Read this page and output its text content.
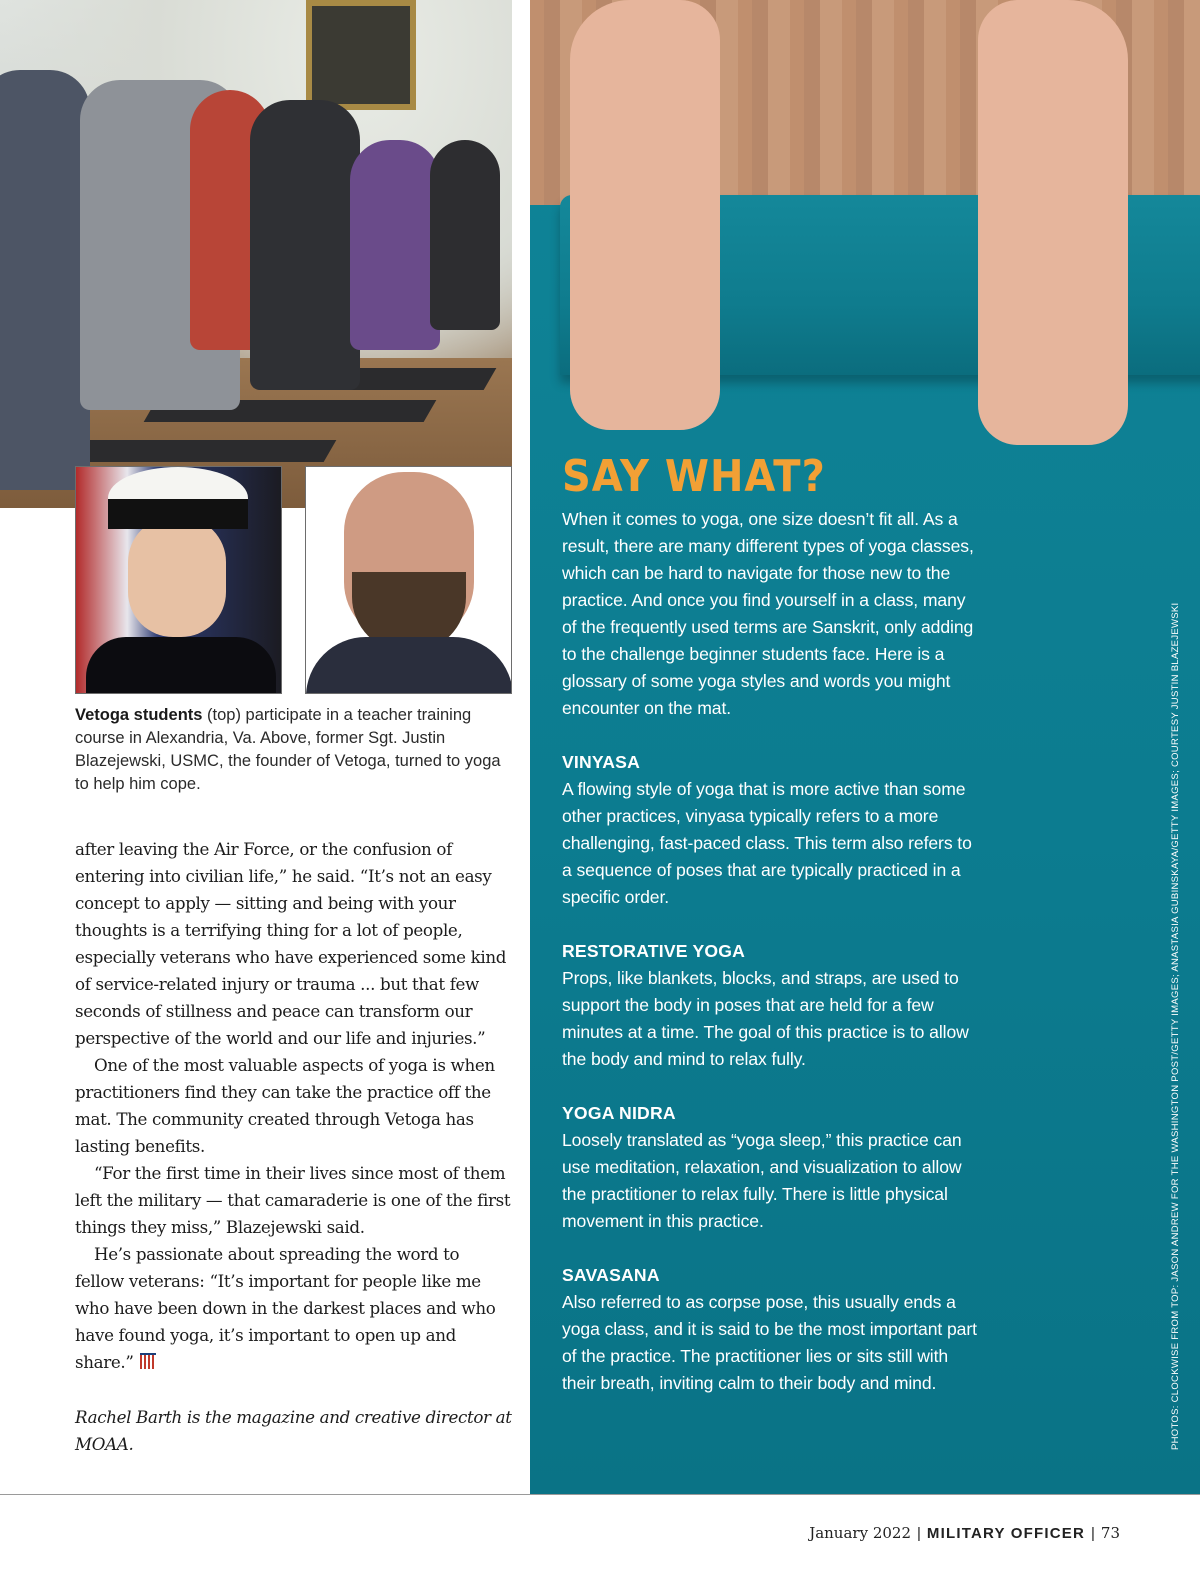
Vetoga students (top) participate in a teacher training course in Alexandria, Va. Above, former Sgt. Justin Blazejewski, USMC, the founder of Vetoga, turned to yoga to help him cope.

after leaving the Air Force, or the confusion of entering into civilian life,” he said. “It’s not an easy concept to apply — sitting and being with your thoughts is a terrifying thing for a lot of people, especially veterans who have experienced some kind of service-related injury or trauma ... but that few seconds of stillness and peace can transform our perspective of the world and our life and injuries.”

One of the most valuable aspects of yoga is when practitioners find they can take the practice off the mat. The community created through Vetoga has lasting benefits.

“For the first time in their lives since most of them left the military — that camaraderie is one of the first things they miss,” Blazejewski said.

He’s passionate about spreading the word to fellow veterans: “It’s important for people like me who have been down in the darkest places and who have found yoga, it’s important to open up and share.”

Rachel Barth is the magazine and creative director at MOAA.
SAY WHAT?

When it comes to yoga, one size doesn’t fit all. As a result, there are many different types of yoga classes, which can be hard to navigate for those new to the practice. And once you find yourself in a class, many of the frequently used terms are Sanskrit, only adding to the challenge beginner students face. Here is a glossary of some yoga styles and words you might encounter on the mat.

VINYASA

A flowing style of yoga that is more active than some other practices, vinyasa typically refers to a more challenging, fast-paced class. This term also refers to a sequence of poses that are typically practiced in a specific order.

RESTORATIVE YOGA

Props, like blankets, blocks, and straps, are used to support the body in poses that are held for a few minutes at a time. The goal of this practice is to allow the body and mind to relax fully.

YOGA NIDRA

Loosely translated as “yoga sleep,” this practice can use meditation, relaxation, and visualization to allow the practitioner to relax fully. There is little physical movement in this practice.

SAVASANA

Also referred to as corpse pose, this usually ends a yoga class, and it is said to be the most important part of the practice. The practitioner lies or sits still with their breath, inviting calm to their body and mind.	PHOTOS: CLOCKWISE FROM TOP: JASON ANDREW FOR THE WASHINGTON POST/GETTY IMAGES; ANASTASIA GUBINSKAYA/GETTY IMAGES; COURTESY JUSTIN BLAZEJEWSKI
January 2022 | MILITARY OFFICER | 73
